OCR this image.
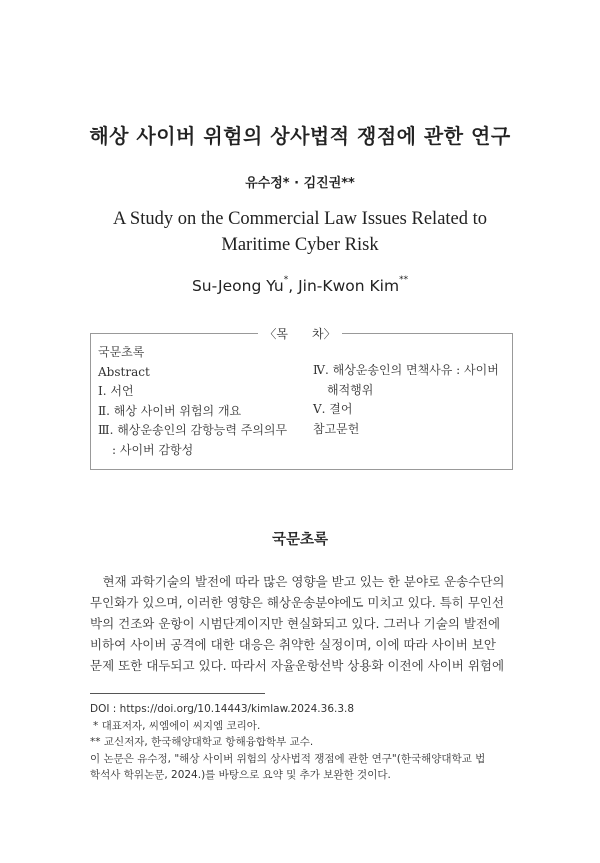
해상 사이버 위험의 상사법적 쟁점에 관한 연구
유수정* · 김진권**
A Study on the Commercial Law Issues Related to
Maritime Cyber Risk
Su-Jeong Yu*, Jin-Kwon Kim**
〈목　　차〉
국문초록
Abstract
Ⅰ. 서언
Ⅱ. 해상 사이버 위험의 개요
Ⅲ. 해상운송인의 감항능력 주의의무
: 사이버 감항성
Ⅳ. 해상운송인의 면책사유 : 사이버
해적행위
Ⅴ. 결어
참고문헌
국문초록
　현재 과학기술의 발전에 따라 많은 영향을 받고 있는 한 분야로 운송수단의
무인화가 있으며, 이러한 영향은 해상운송분야에도 미치고 있다. 특히 무인선
박의 건조와 운항이 시범단계이지만 현실화되고 있다. 그러나 기술의 발전에
비하여 사이버 공격에 대한 대응은 취약한 실정이며, 이에 따라 사이버 보안
문제 또한 대두되고 있다. 따라서 자율운항선박 상용화 이전에 사이버 위험에
DOI : https://doi.org/10.14443/kimlaw.2024.36.3.8
* 대표저자, 씨엠에이 씨지엠 코리아.
** 교신저자, 한국해양대학교 항해융합학부 교수.
이 논문은 유수정, "해상 사이버 위험의 상사법적 쟁점에 관한 연구"(한국해양대학교 법
학석사 학위논문, 2024.)를 바탕으로 요약 및 추가 보완한 것이다.
